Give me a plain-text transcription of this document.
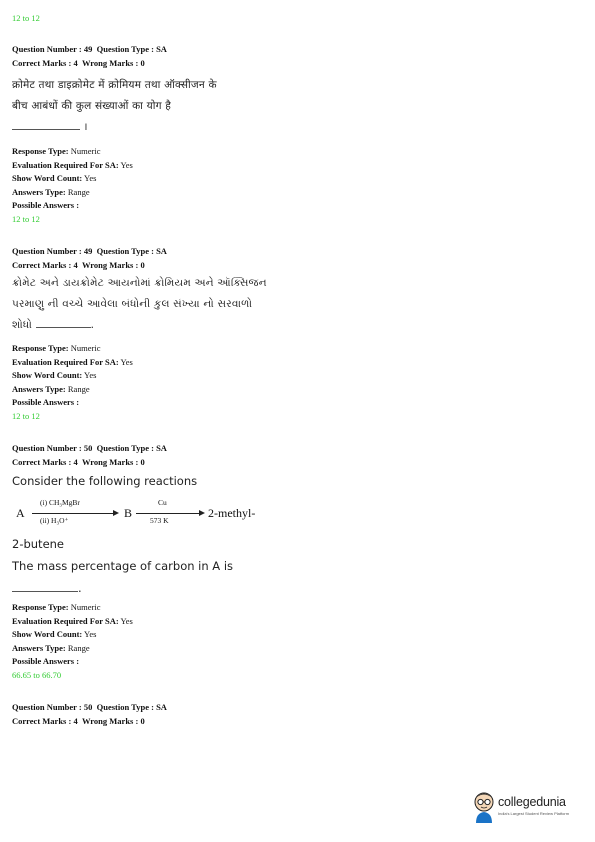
12 to 12
Question Number : 49 Question Type : SA
Correct Marks : 4 Wrong Marks : 0
क्रोमेट तथा डाइक्रोमेट में क्रोमियम तथा ऑक्सीजन के
बीच आबंधों की कुल संख्याओं का योग है
।
Response Type: Numeric
Evaluation Required For SA: Yes
Show Word Count: Yes
Answers Type: Range
Possible Answers :
12 to 12
Question Number : 49 Question Type : SA
Correct Marks : 4 Wrong Marks : 0
ક્રોમેટ અને ડાયક્રોમેટ આયનોમાં ક્રોમિયમ અને ઑક્સિજન
પરમાણુ ની વચ્ચે આવેલા બંધોની કુલ સંખ્યા નો સરવાળો
શોધો	.
Response Type: Numeric
Evaluation Required For SA: Yes
Show Word Count: Yes
Answers Type: Range
Possible Answers :
12 to 12
Question Number : 50 Question Type : SA
Correct Marks : 4 Wrong Marks : 0
Consider the following reactions
A
(i) CH₃MgBr
(ii) H₃O⁺
B
Cu
573 K
2-methyl-
2-butene
The mass percentage of carbon in A is
.
Response Type: Numeric
Evaluation Required For SA: Yes
Show Word Count: Yes
Answers Type: Range
Possible Answers :
66.65 to 66.70
Question Number : 50 Question Type : SA
Correct Marks : 4 Wrong Marks : 0
collegedunia
India's Largest Student Review Platform
